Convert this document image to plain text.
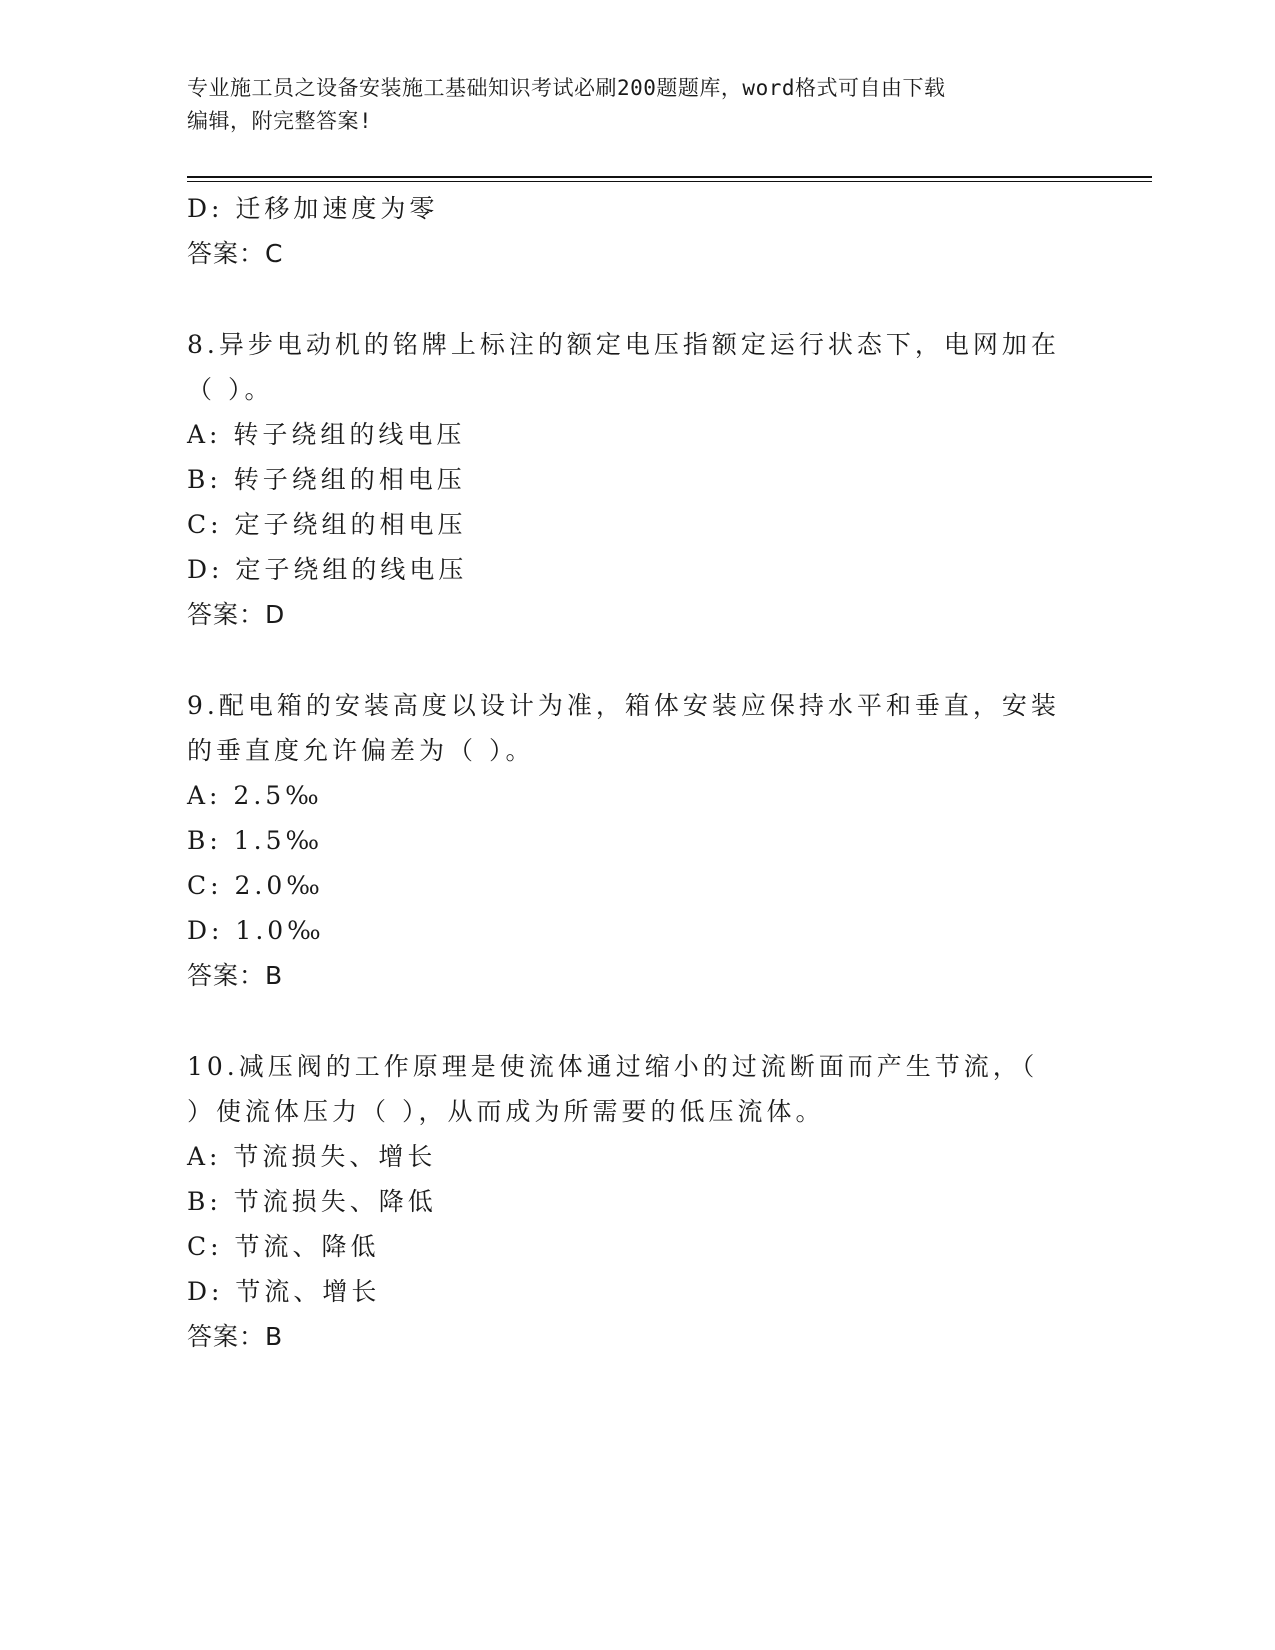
专业施工员之设备安装施工基础知识考试必刷200题题库，word格式可自由下载
编辑，附完整答案!
D: 迁移加速度为零
答案：C
8.异步电动机的铭牌上标注的额定电压指额定运行状态下，电网加在
（ ）。
A: 转子绕组的线电压
B: 转子绕组的相电压
C: 定子绕组的相电压
D: 定子绕组的线电压
答案：D
9.配电箱的安装高度以设计为准，箱体安装应保持水平和垂直，安装
的垂直度允许偏差为（ ）。
A: 2.5‰
B: 1.5‰
C: 2.0‰
D: 1.0‰
答案：B
10.减压阀的工作原理是使流体通过缩小的过流断面而产生节流，（
）使流体压力（ ），从而成为所需要的低压流体。
A: 节流损失、增长
B: 节流损失、降低
C: 节流、降低
D: 节流、增长
答案：B
